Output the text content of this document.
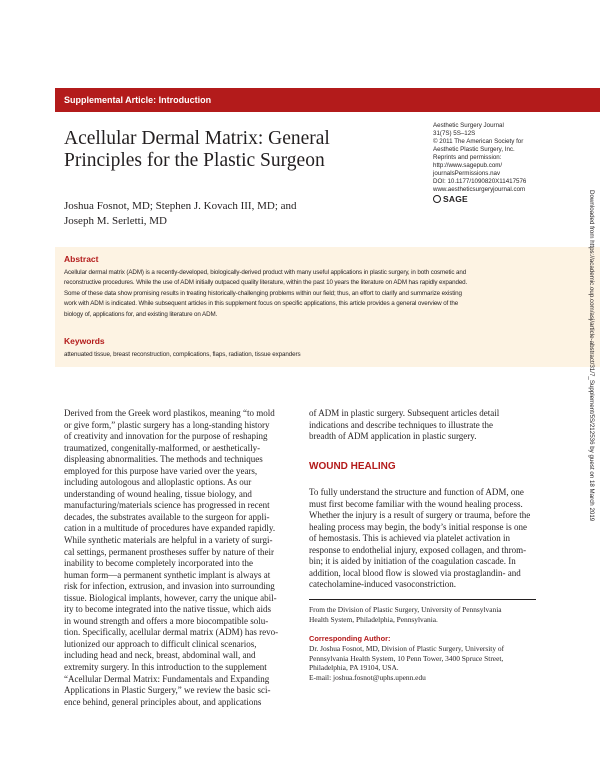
Supplemental Article: Introduction
Acellular Dermal Matrix: General Principles for the Plastic Surgeon
Aesthetic Surgery Journal
31(7S) 5S–12S
© 2011 The American Society for
Aesthetic Plastic Surgery, Inc.
Reprints and permission:
http://www.sagepub.com/
journalsPermissions.nav
DOI: 10.1177/1090820X11417576
www.aestheticsurgeryjournal.com
SAGE
Joshua Fosnot, MD; Stephen J. Kovach III, MD; and
Joseph M. Serletti, MD
Abstract
Acellular dermal matrix (ADM) is a recently-developed, biologically-derived product with many useful applications in plastic surgery, in both cosmetic and
reconstructive procedures. While the use of ADM initially outpaced quality literature, within the past 10 years the literature on ADM has rapidly expanded.
Some of these data show promising results in treating historically-challenging problems within our field; thus, an effort to clarify and summarize existing
work with ADM is indicated. While subsequent articles in this supplement focus on specific applications, this article provides a general overview of the
biology of, applications for, and existing literature on ADM.
Keywords
attenuated tissue, breast reconstruction, complications, flaps, radiation, tissue expanders	Downloaded from https://academic.oup.com/asj/article-abstract/31/7_Supplement/5S/212536 by guest on 18 March 2019
Derived from the Greek word plastikos, meaning “to mold
or give form,” plastic surgery has a long-standing history
of creativity and innovation for the purpose of reshaping
traumatized, congenitally-malformed, or aesthetically-
displeasing abnormalities. The methods and techniques
employed for this purpose have varied over the years,
including autologous and alloplastic options. As our
understanding of wound healing, tissue biology, and
manufacturing/materials science has progressed in recent
decades, the substrates available to the surgeon for appli-
cation in a multitude of procedures have expanded rapidly.
While synthetic materials are helpful in a variety of surgi-
cal settings, permanent prostheses suffer by nature of their
inability to become completely incorporated into the
human form—a permanent synthetic implant is always at
risk for infection, extrusion, and invasion into surrounding
tissue. Biological implants, however, carry the unique abil-
ity to become integrated into the native tissue, which aids
in wound strength and offers a more biocompatible solu-
tion. Specifically, acellular dermal matrix (ADM) has revo-
lutionized our approach to difficult clinical scenarios,
including head and neck, breast, abdominal wall, and
extremity surgery. In this introduction to the supplement
“Acellular Dermal Matrix: Fundamentals and Expanding
Applications in Plastic Surgery,” we review the basic sci-
ence behind, general principles about, and applications
of ADM in plastic surgery. Subsequent articles detail
indications and describe techniques to illustrate the
breadth of ADM application in plastic surgery.
WOUND HEALING
To fully understand the structure and function of ADM, one
must first become familiar with the wound healing process.
Whether the injury is a result of surgery or trauma, before the
healing process may begin, the body’s initial response is one
of hemostasis. This is achieved via platelet activation in
response to endothelial injury, exposed collagen, and throm-
bin; it is aided by initiation of the coagulation cascade. In
addition, local blood flow is slowed via prostaglandin- and
catecholamine-induced vasoconstriction.
From the Division of Plastic Surgery, University of Pennsylvania
Health System, Philadelphia, Pennsylvania.
Corresponding Author:
Dr. Joshua Fosnot, MD, Division of Plastic Surgery, University of
Pennsylvania Health System, 10 Penn Tower, 3400 Spruce Street,
Philadelphia, PA 19104, USA.
E-mail: joshua.fosnot@uphs.upenn.edu
